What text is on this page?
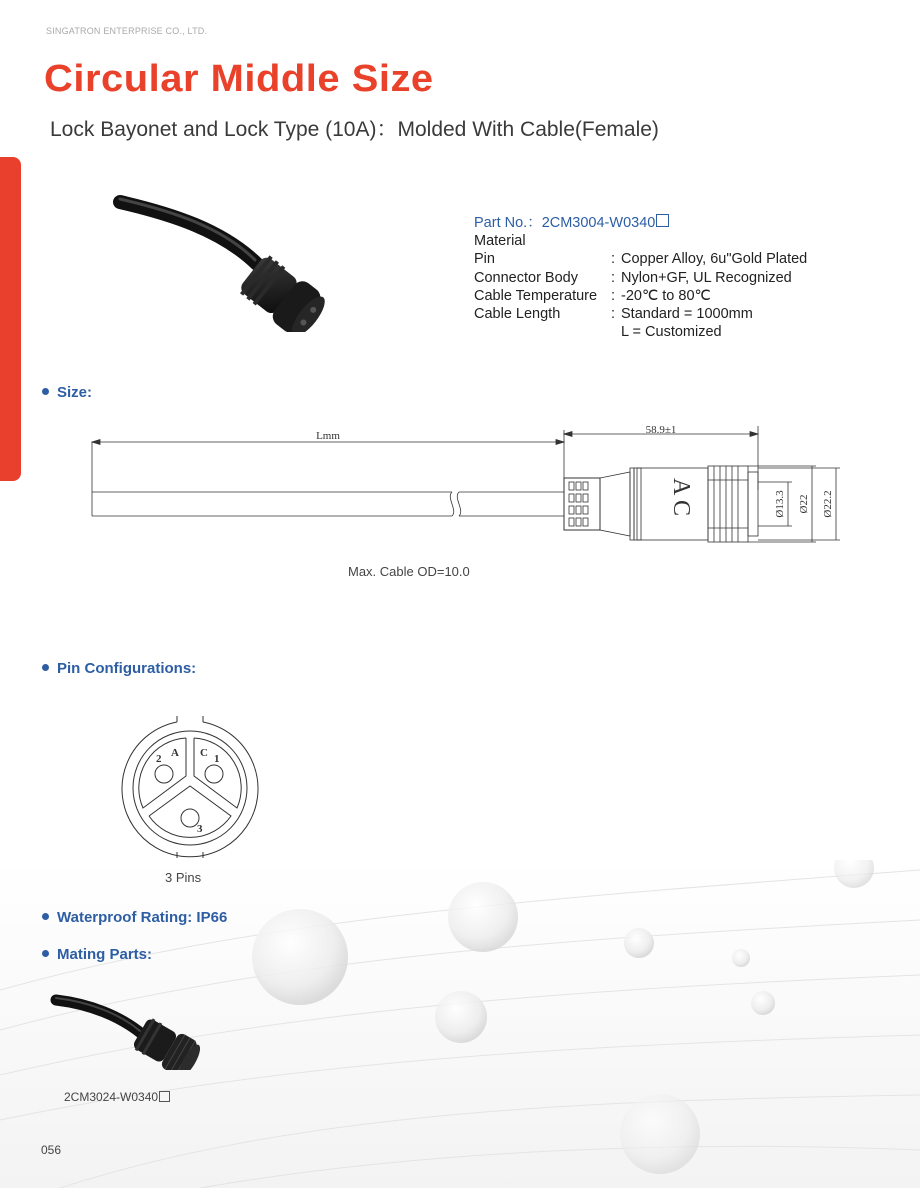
SINGATRON ENTERPRISE CO., LTD.
Circular Middle Size
Lock Bayonet and Lock Type (10A)：Molded With Cable(Female)
Part No. ： 2CM3004-W0340
Material
Pin	: Copper Alloy, 6u"Gold Plated
Connector Body	: Nylon+GF, UL Recognized
Cable Temperature : -20℃ to 80℃
Cable Length	: Standard = 1000mm
L = Customized
Size:
Lmm	58.9±1
A C	Ø13.3 Ø22 Ø22.2
Max. Cable OD=10.0
Pin Configurations:
2 A C 1
3
3 Pins
Waterproof Rating: IP66
Mating Parts:
2CM3024-W0340
056
